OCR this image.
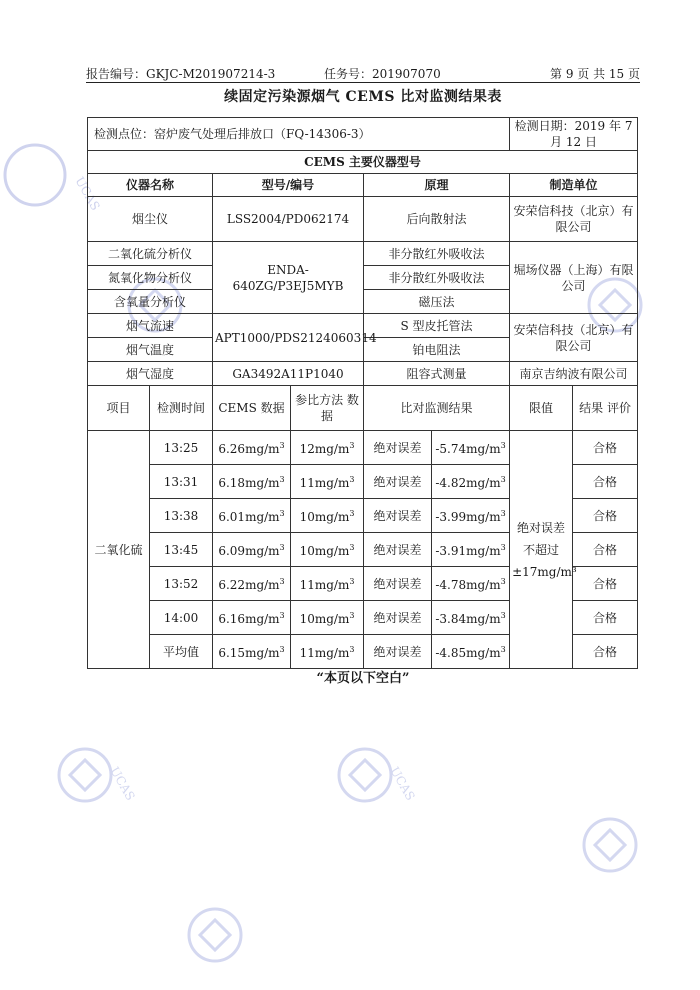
UCAS
UCAS	UCAS
报告编号：GKJC-M201907214-3	任务号：201907070	第 9 页 共 15 页
续固定污染源烟气 CEMS 比对监测结果表
检测点位：窑炉废气处理后排放口（FQ-14306-3）						检测日期：2019 年 7 月 12 日	
CEMS 主要仪器型号							
仪器名称		型号/编号		原理		制造单位	
烟尘仪		LSS2004/PD062174		后向散射法		安荣信科技（北京）有限公司	
二氧化硫分析仪		ENDA-640ZG/P3EJ5MYB		非分散红外吸收法		堀场仪器（上海）有限公司	
氮氧化物分析仪				非分散红外吸收法			
含氧量分析仪				磁压法			
烟气流速		APT1000/PDS2124060314		S 型皮托管法		安荣信科技（北京）有限公司	
烟气温度				铂电阻法			
烟气湿度		GA3492A11P1040		阻容式测量		南京吉纳波有限公司	
项目	检测时间	CEMS 数据	参比方法 数据	比对监测结果		限值	结果 评价
二氧化硫	13:25	$6.26mg/m^3$	$12mg/m^3$	绝对误差	$-5.74mg/m^3$	绝对误差 不超过 ±17mg/m³	合格
	13:31	$6.18mg/m^3$	$11mg/m^3$	绝对误差	$-4.82mg/m^3$		合格
	13:38	$6.01mg/m^3$	$10mg/m^3$	绝对误差	$-3.99mg/m^3$		合格
	13:45	$6.09mg/m^3$	$10mg/m^3$	绝对误差	$-3.91mg/m^3$		合格
	13:52	$6.22mg/m^3$	$11mg/m^3$	绝对误差	$-4.78mg/m^3$		合格
	14:00	$6.16mg/m^3$	$10mg/m^3$	绝对误差	$-3.84mg/m^3$		合格
	平均值	$6.15mg/m^3$	$11mg/m^3$	绝对误差	$-4.85mg/m^3$		合格
“本页以下空白”
